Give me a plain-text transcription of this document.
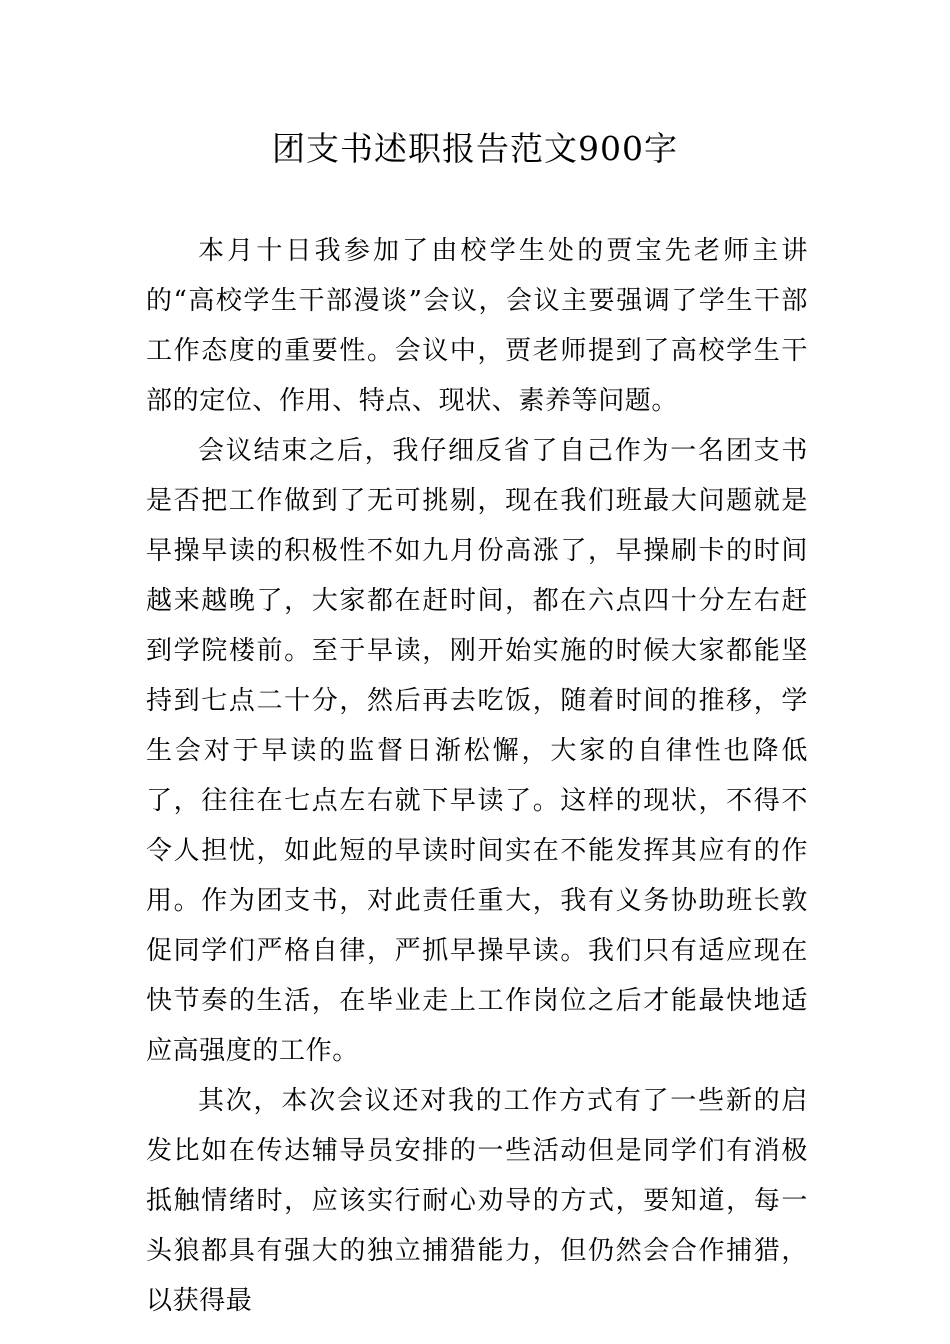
团支书述职报告范文900字

本月十日我参加了由校学生处的贾宝先老师主讲的“高校学生干部漫谈”会议，会议主要强调了学生干部工作态度的重要性。会议中，贾老师提到了高校学生干部的定位、作用、特点、现状、素养等问题。

会议结束之后，我仔细反省了自己作为一名团支书是否把工作做到了无可挑剔，现在我们班最大问题就是早操早读的积极性不如九月份高涨了，早操刷卡的时间越来越晚了，大家都在赶时间，都在六点四十分左右赶到学院楼前。至于早读，刚开始实施的时候大家都能坚持到七点二十分，然后再去吃饭，随着时间的推移，学生会对于早读的监督日渐松懈，大家的自律性也降低了，往往在七点左右就下早读了。这样的现状，不得不令人担忧，如此短的早读时间实在不能发挥其应有的作用。作为团支书，对此责任重大，我有义务协助班长敦促同学们严格自律，严抓早操早读。我们只有适应现在快节奏的生活，在毕业走上工作岗位之后才能最快地适应高强度的工作。

其次，本次会议还对我的工作方式有了一些新的启发比如在传达辅导员安排的一些活动但是同学们有消极抵触情绪时，应该实行耐心劝导的方式，要知道，每一头狼都具有强大的独立捕猎能力，但仍然会合作捕猎，以获得最
